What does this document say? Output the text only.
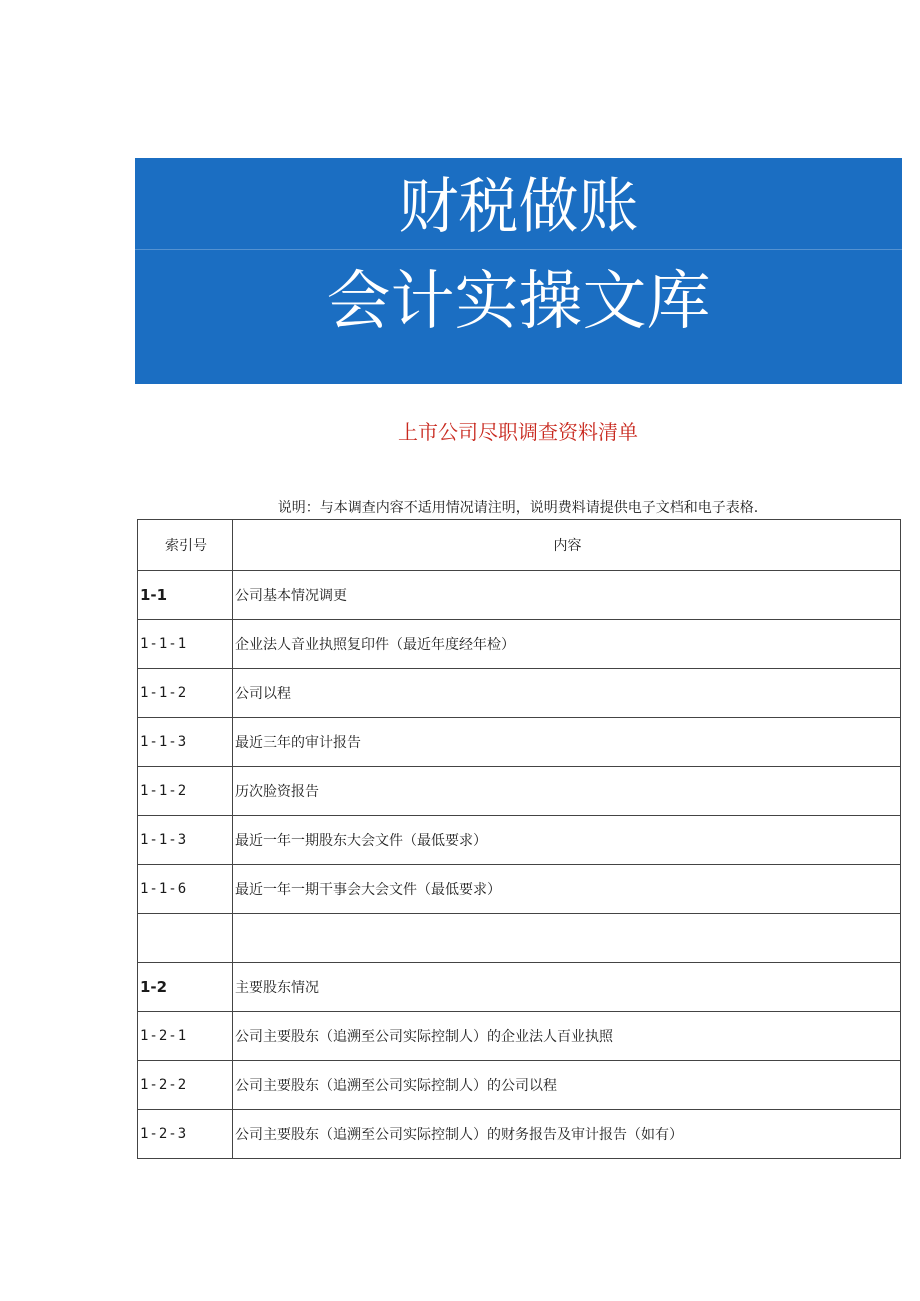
财税做账
会计实操文库
上市公司尽职调查资料清单
说明：与本调查内容不适用情况请注明，说明费料请提供电子文档和电子表格.
索引号	内容
1-1	公司基本情况调更
1-1-1	企业法人音业执照复印件（最近年度经年检）
1-1-2	公司以程
1-1-3	最近三年的审计报告
1-1-2	历次脸资报告
1-1-3	最近一年一期股东大会文件（最低要求）
1-1-6	最近一年一期干事会大会文件（最低要求）

1-2	主要股东情况
1-2-1	公司主要股东（追溯至公司实际控制人）的企业法人百业执照
1-2-2	公司主要股东（追溯至公司实际控制人）的公司以程
1-2-3	公司主要股东（追溯至公司实际控制人）的财务报告及审计报告（如有）
